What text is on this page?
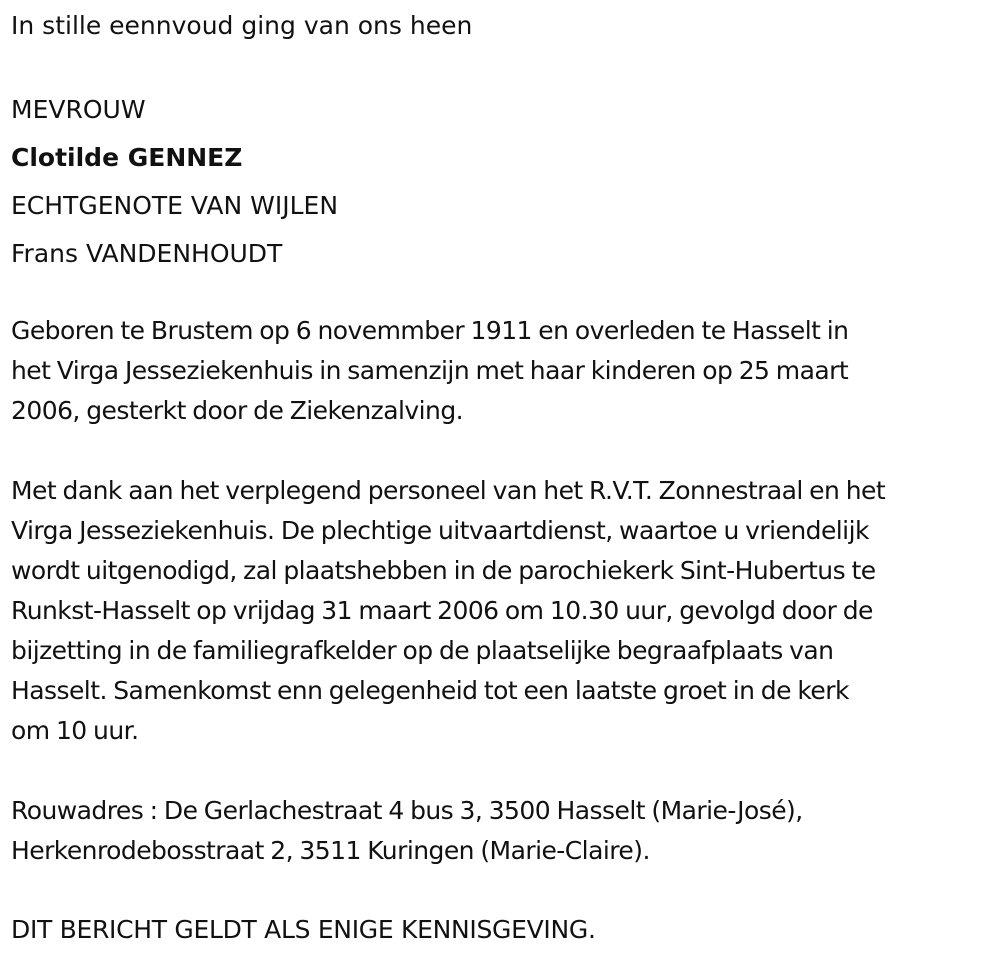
In stille eennvoud ging van ons heen
MEVROUW
Clotilde GENNEZ
ECHTGENOTE VAN WIJLEN
Frans VANDENHOUDT
Geboren te Brustem op 6 novemmber 1911 en overleden te Hasselt in
het Virga Jesseziekenhuis in samenzijn met haar kinderen op 25 maart
2006, gesterkt door de Ziekenzalving.
Met dank aan het verplegend personeel van het R.V.T. Zonnestraal en het
Virga Jesseziekenhuis. De plechtige uitvaartdienst, waartoe u vriendelijk
wordt uitgenodigd, zal plaatshebben in de parochiekerk Sint-Hubertus te
Runkst-Hasselt op vrijdag 31 maart 2006 om 10.30 uur, gevolgd door de
bijzetting in de familiegrafkelder op de plaatselijke begraafplaats van
Hasselt. Samenkomst enn gelegenheid tot een laatste groet in de kerk
om 10 uur.
Rouwadres : De Gerlachestraat 4 bus 3, 3500 Hasselt (Marie-José),
Herkenrodebosstraat 2, 3511 Kuringen (Marie-Claire).
DIT BERICHT GELDT ALS ENIGE KENNISGEVING.
